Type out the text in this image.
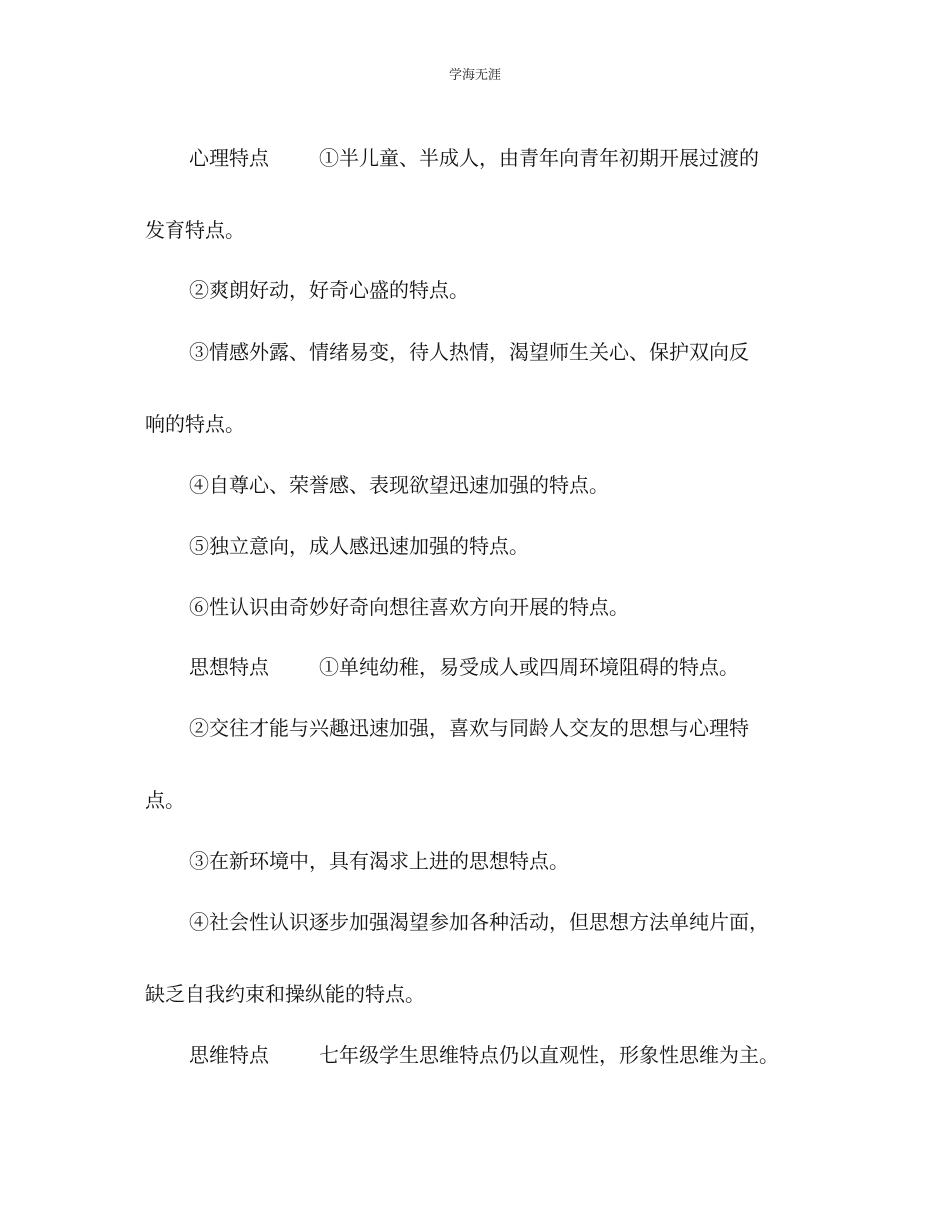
学海无涯
心理特点	①半儿童、半成人，由青年向青年初期开展过渡的
发育特点。
②爽朗好动，好奇心盛的特点。
③情感外露、情绪易变，待人热情，渴望师生关心、保护双向反
响的特点。
④自尊心、荣誉感、表现欲望迅速加强的特点。
⑤独立意向，成人感迅速加强的特点。
⑥性认识由奇妙好奇向想往喜欢方向开展的特点。
思想特点	①单纯幼稚，易受成人或四周环境阻碍的特点。
②交往才能与兴趣迅速加强，喜欢与同龄人交友的思想与心理特
点。
③在新环境中，具有渴求上进的思想特点。
④社会性认识逐步加强渴望参加各种活动，但思想方法单纯片面，
缺乏自我约束和操纵能的特点。
思维特点	七年级学生思维特点仍以直观性，形象性思维为主。
